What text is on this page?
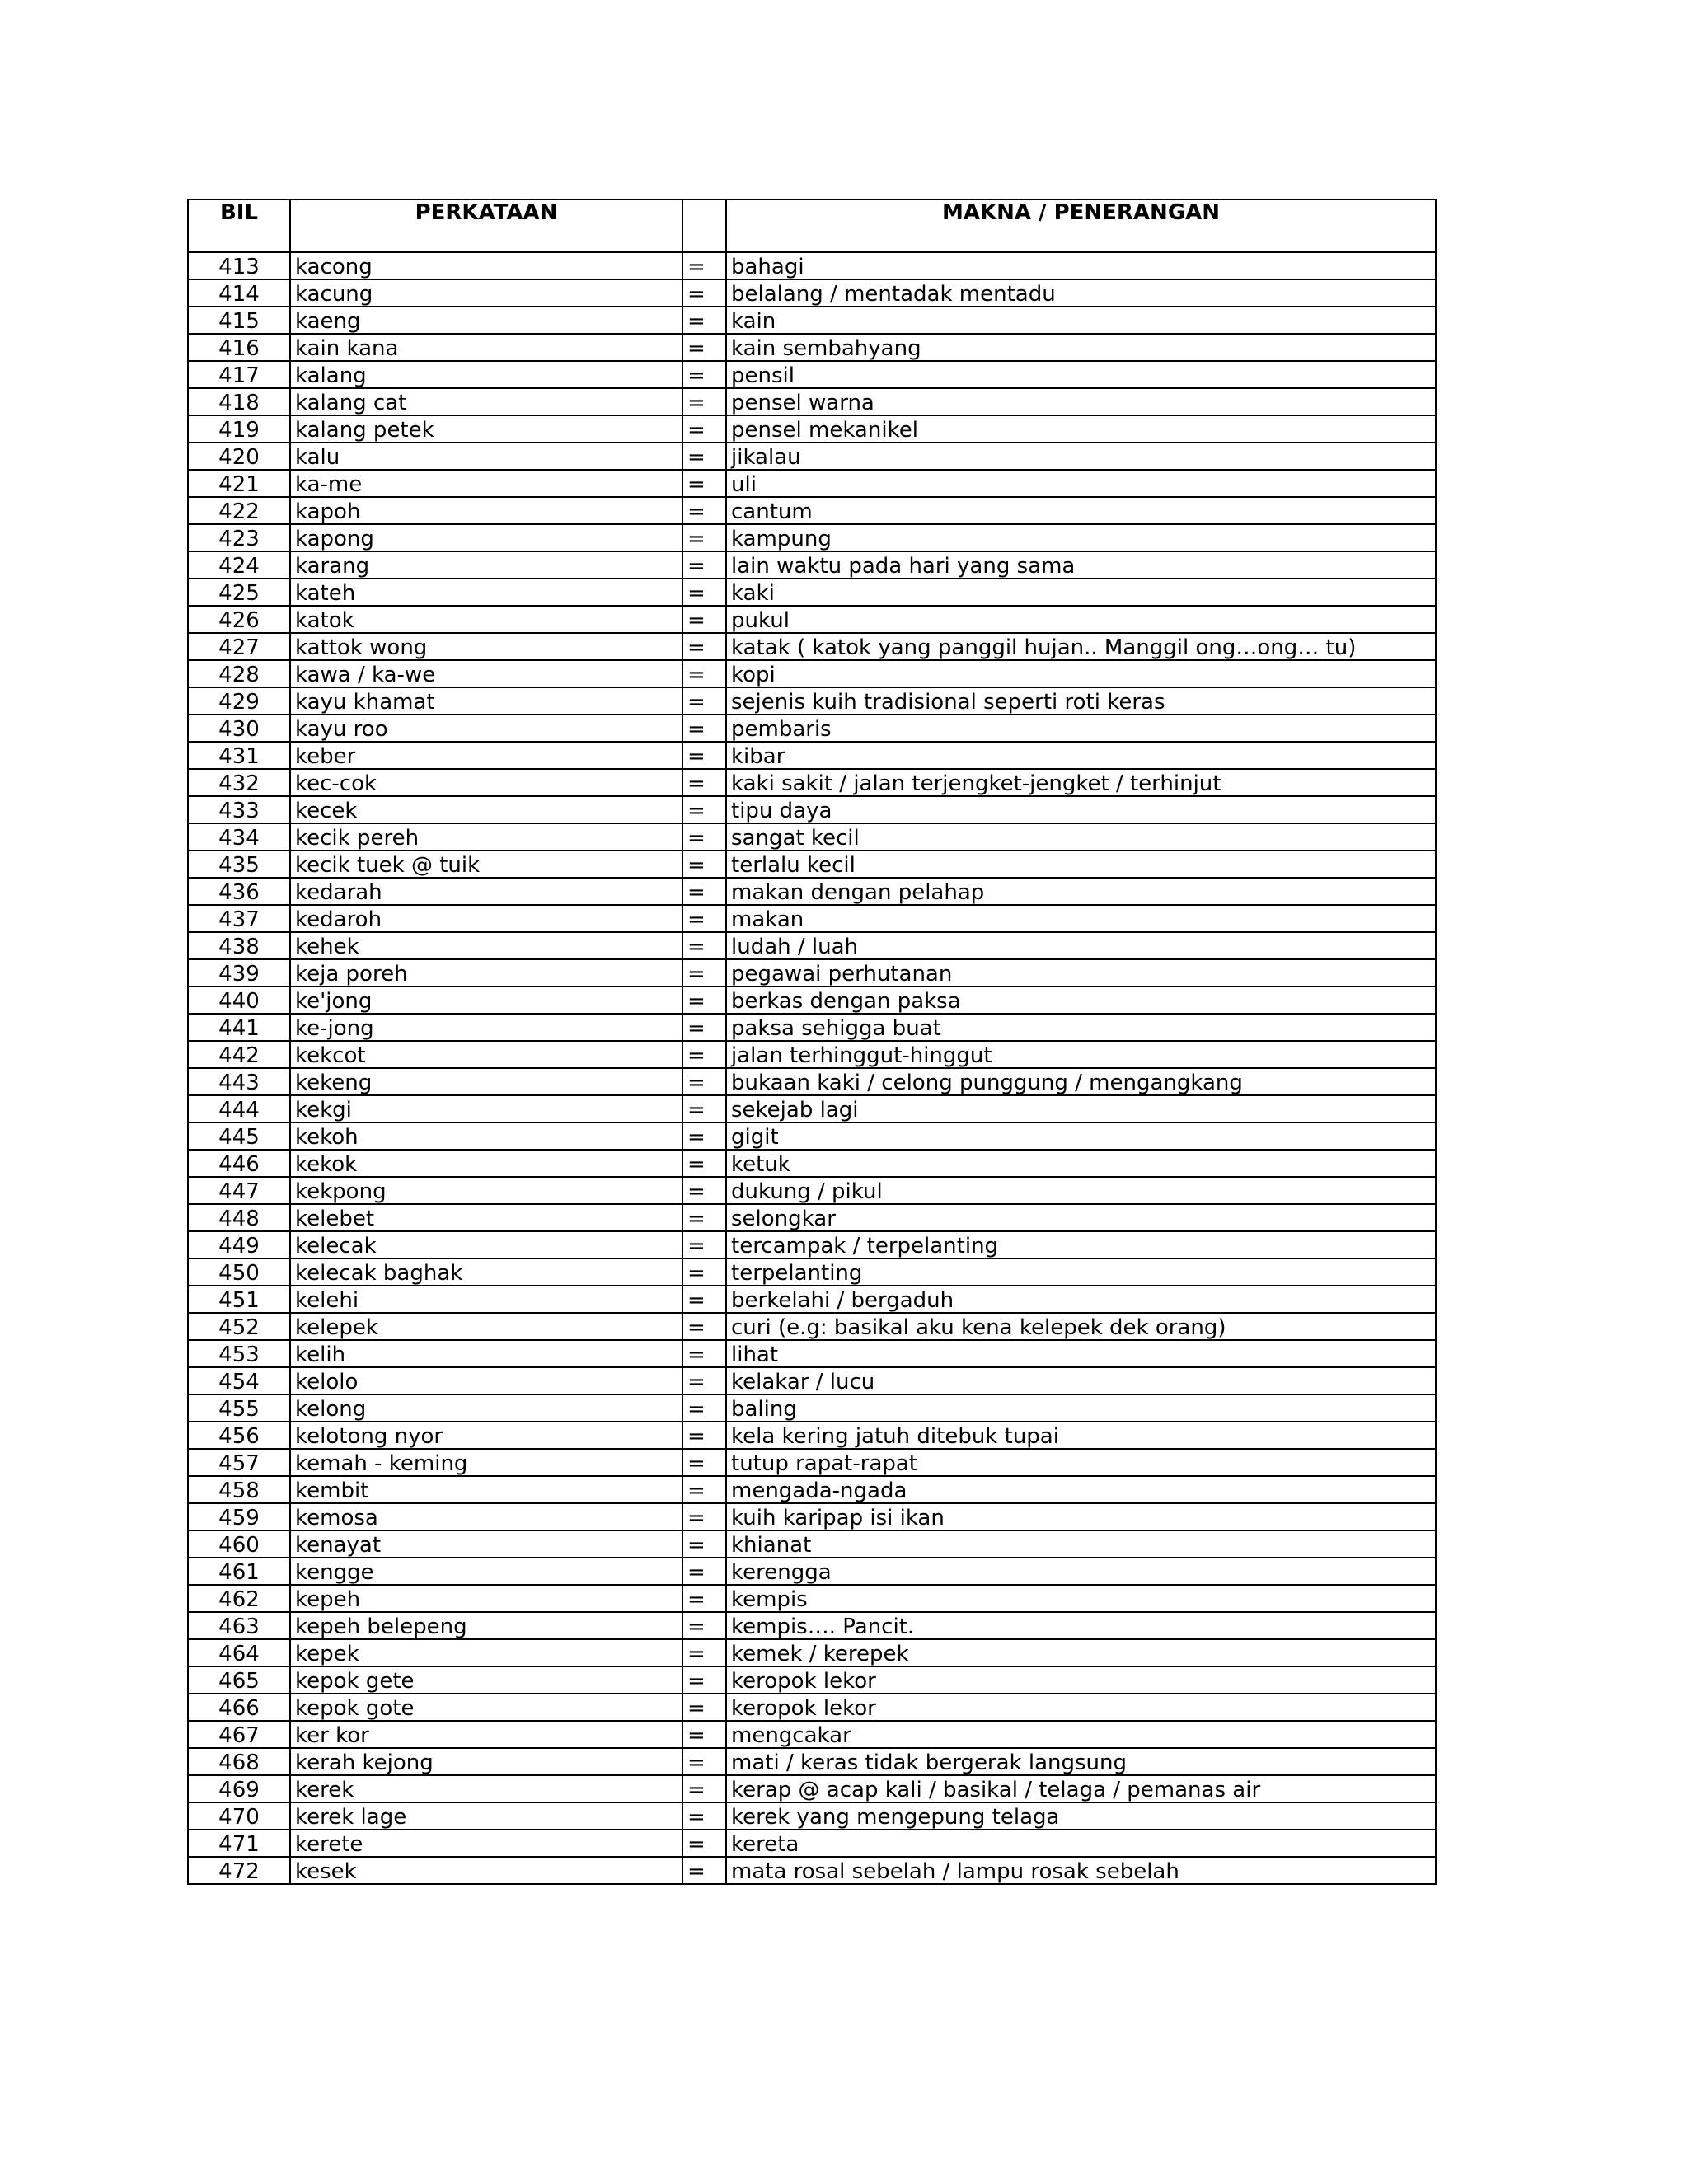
BIL	PERKATAAN		MAKNA / PENERANGAN
413	kacong	=	bahagi
414	kacung	=	belalang / mentadak mentadu
415	kaeng	=	kain
416	kain kana	=	kain sembahyang
417	kalang	=	pensil
418	kalang cat	=	pensel warna
419	kalang petek	=	pensel mekanikel
420	kalu	=	jikalau
421	ka-me	=	uli
422	kapoh	=	cantum
423	kapong	=	kampung
424	karang	=	lain waktu pada hari yang sama
425	kateh	=	kaki
426	katok	=	pukul
427	kattok wong	=	katak ( katok yang panggil hujan.. Manggil ong…ong… tu)
428	kawa / ka-we	=	kopi
429	kayu khamat	=	sejenis kuih tradisional seperti roti keras
430	kayu roo	=	pembaris
431	keber	=	kibar
432	kec-cok	=	kaki sakit / jalan terjengket-jengket / terhinjut
433	kecek	=	tipu daya
434	kecik pereh	=	sangat kecil
435	kecik tuek @ tuik	=	terlalu kecil
436	kedarah	=	makan dengan pelahap
437	kedaroh	=	makan
438	kehek	=	ludah / luah
439	keja poreh	=	pegawai perhutanan
440	ke'jong	=	berkas dengan paksa
441	ke-jong	=	paksa sehigga buat
442	kekcot	=	jalan terhinggut-hinggut
443	kekeng	=	bukaan kaki / celong punggung / mengangkang
444	kekgi	=	sekejab lagi
445	kekoh	=	gigit
446	kekok	=	ketuk
447	kekpong	=	dukung / pikul
448	kelebet	=	selongkar
449	kelecak	=	tercampak / terpelanting
450	kelecak baghak	=	terpelanting
451	kelehi	=	berkelahi / bergaduh
452	kelepek	=	curi (e.g: basikal aku kena kelepek dek orang)
453	kelih	=	lihat
454	kelolo	=	kelakar / lucu
455	kelong	=	baling
456	kelotong nyor	=	kela kering jatuh ditebuk tupai
457	kemah - keming	=	tutup rapat-rapat
458	kembit	=	mengada-ngada
459	kemosa	=	kuih karipap isi ikan
460	kenayat	=	khianat
461	kengge	=	kerengga
462	kepeh	=	kempis
463	kepeh belepeng	=	kempis…. Pancit.
464	kepek	=	kemek / kerepek
465	kepok gete	=	keropok lekor
466	kepok gote	=	keropok lekor
467	ker kor	=	mengcakar
468	kerah kejong	=	mati / keras tidak bergerak langsung
469	kerek	=	kerap @ acap kali / basikal / telaga / pemanas air
470	kerek lage	=	kerek yang mengepung telaga
471	kerete	=	kereta
472	kesek	=	mata rosal sebelah / lampu rosak sebelah
